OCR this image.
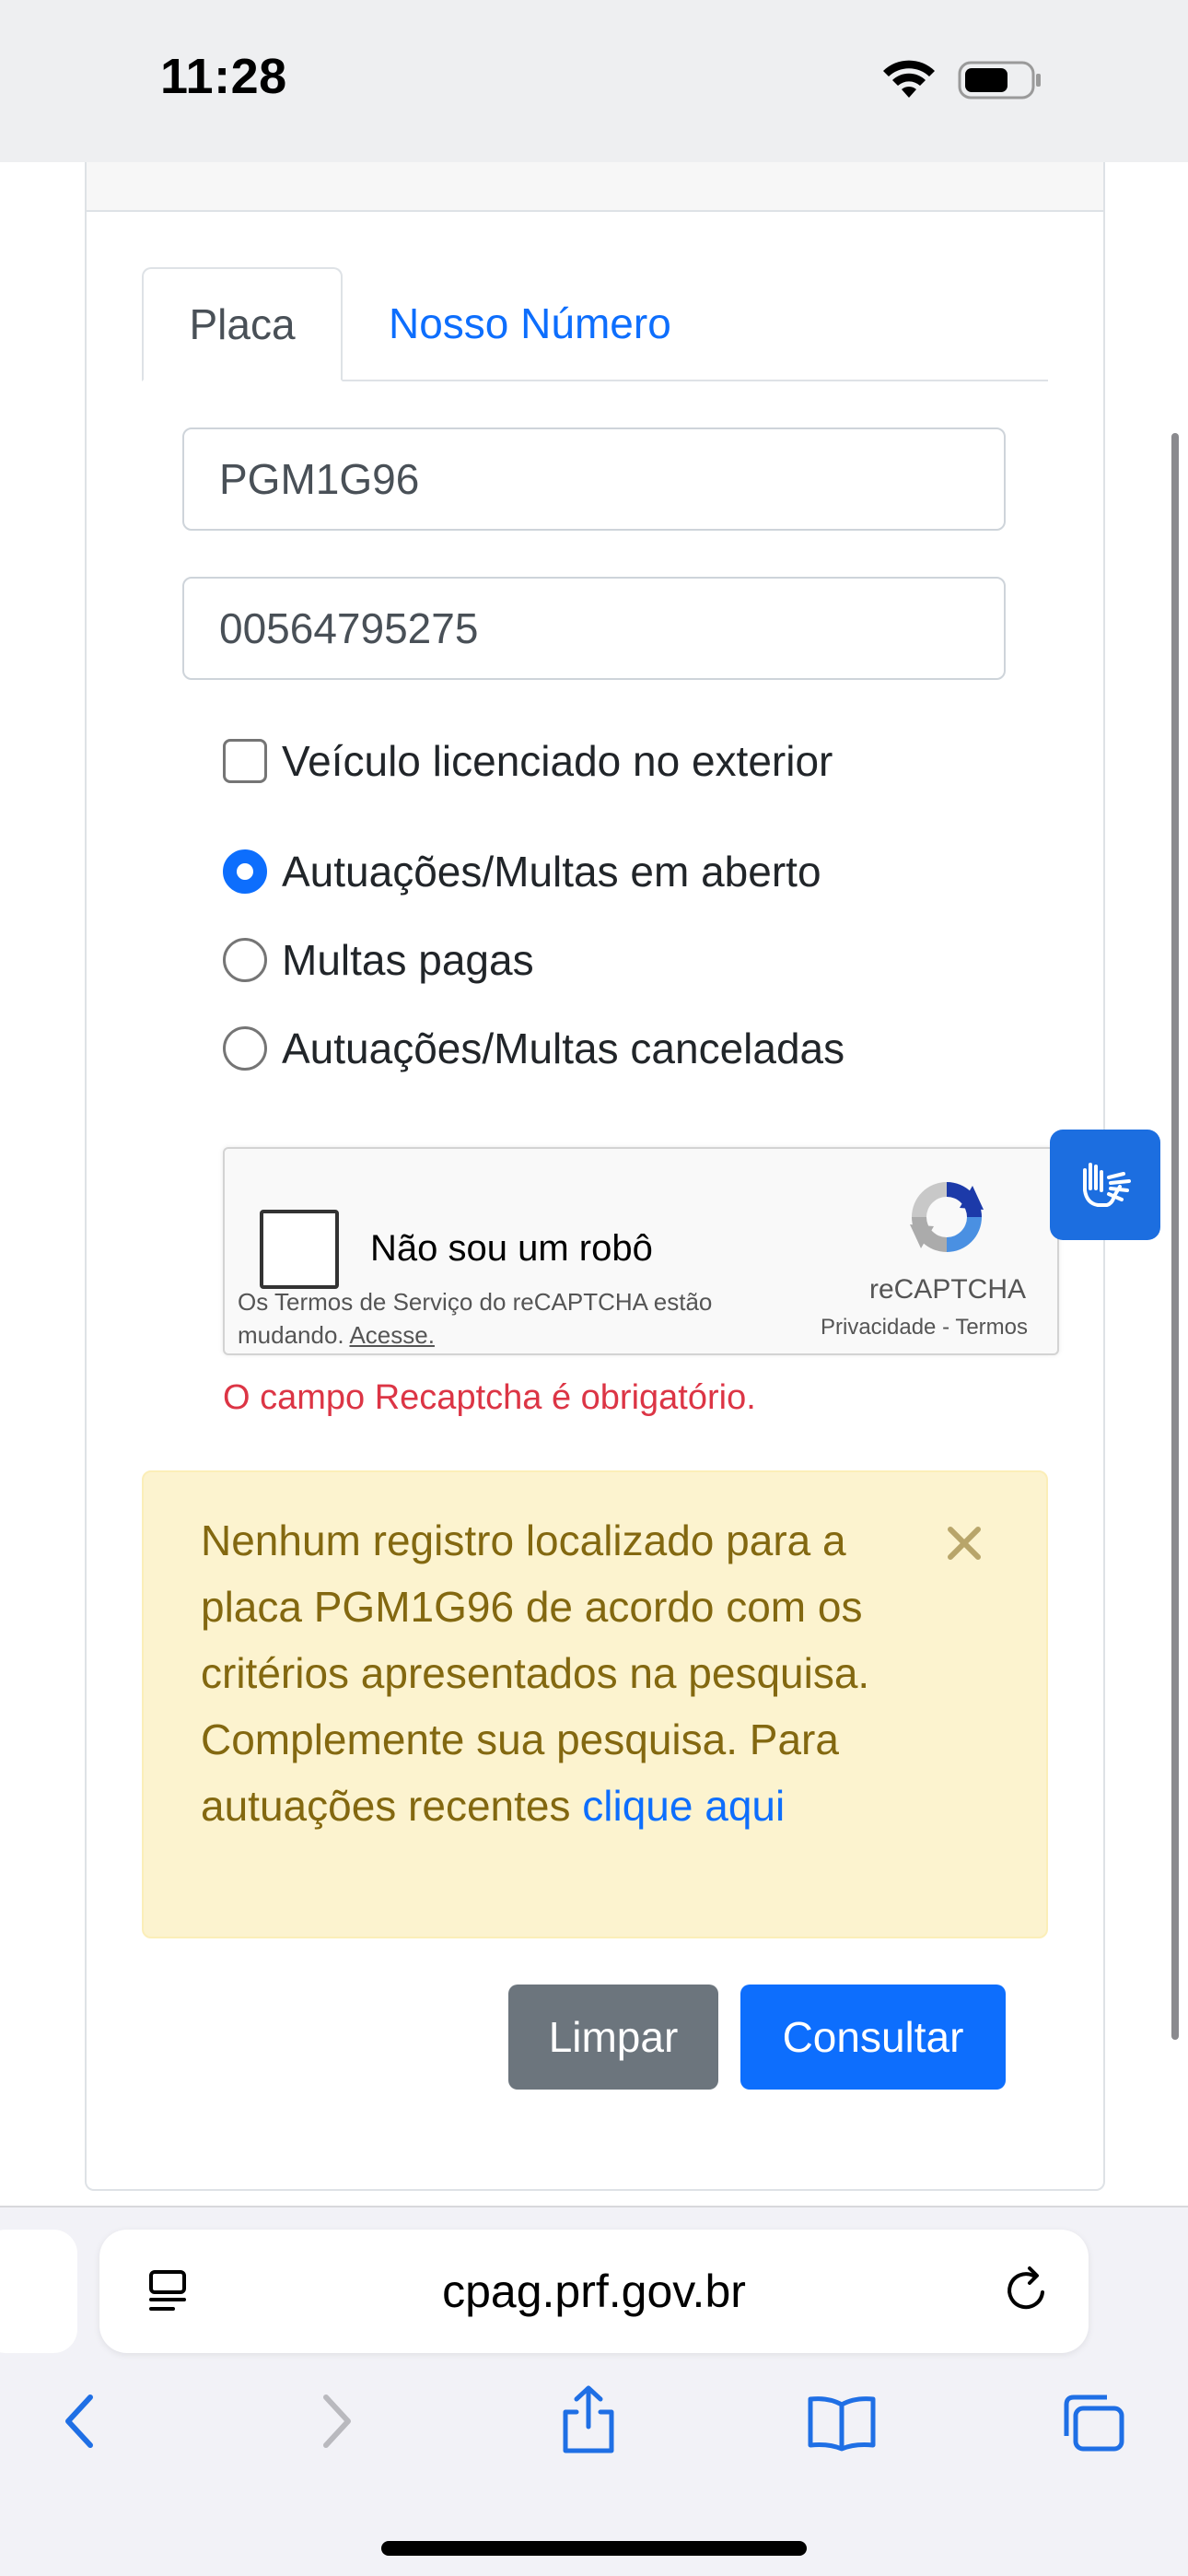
11:28
Placa	Nosso Número
PGM1G96
00564795275
Veículo licenciado no exterior
Autuações/Multas em aberto
Multas pagas
Autuações/Multas canceladas
Não sou um robô
Os Termos de Serviço do reCAPTCHA estão mudando. Acesse.
reCAPTCHA
Privacidade - Termos
O campo Recaptcha é obrigatório.
Nenhum registro localizado para a placa PGM1G96 de acordo com os critérios apresentados na pesquisa. Complemente sua pesquisa. Para autuações recentes clique aqui
Limpar	Consultar
cpag.prf.gov.br
